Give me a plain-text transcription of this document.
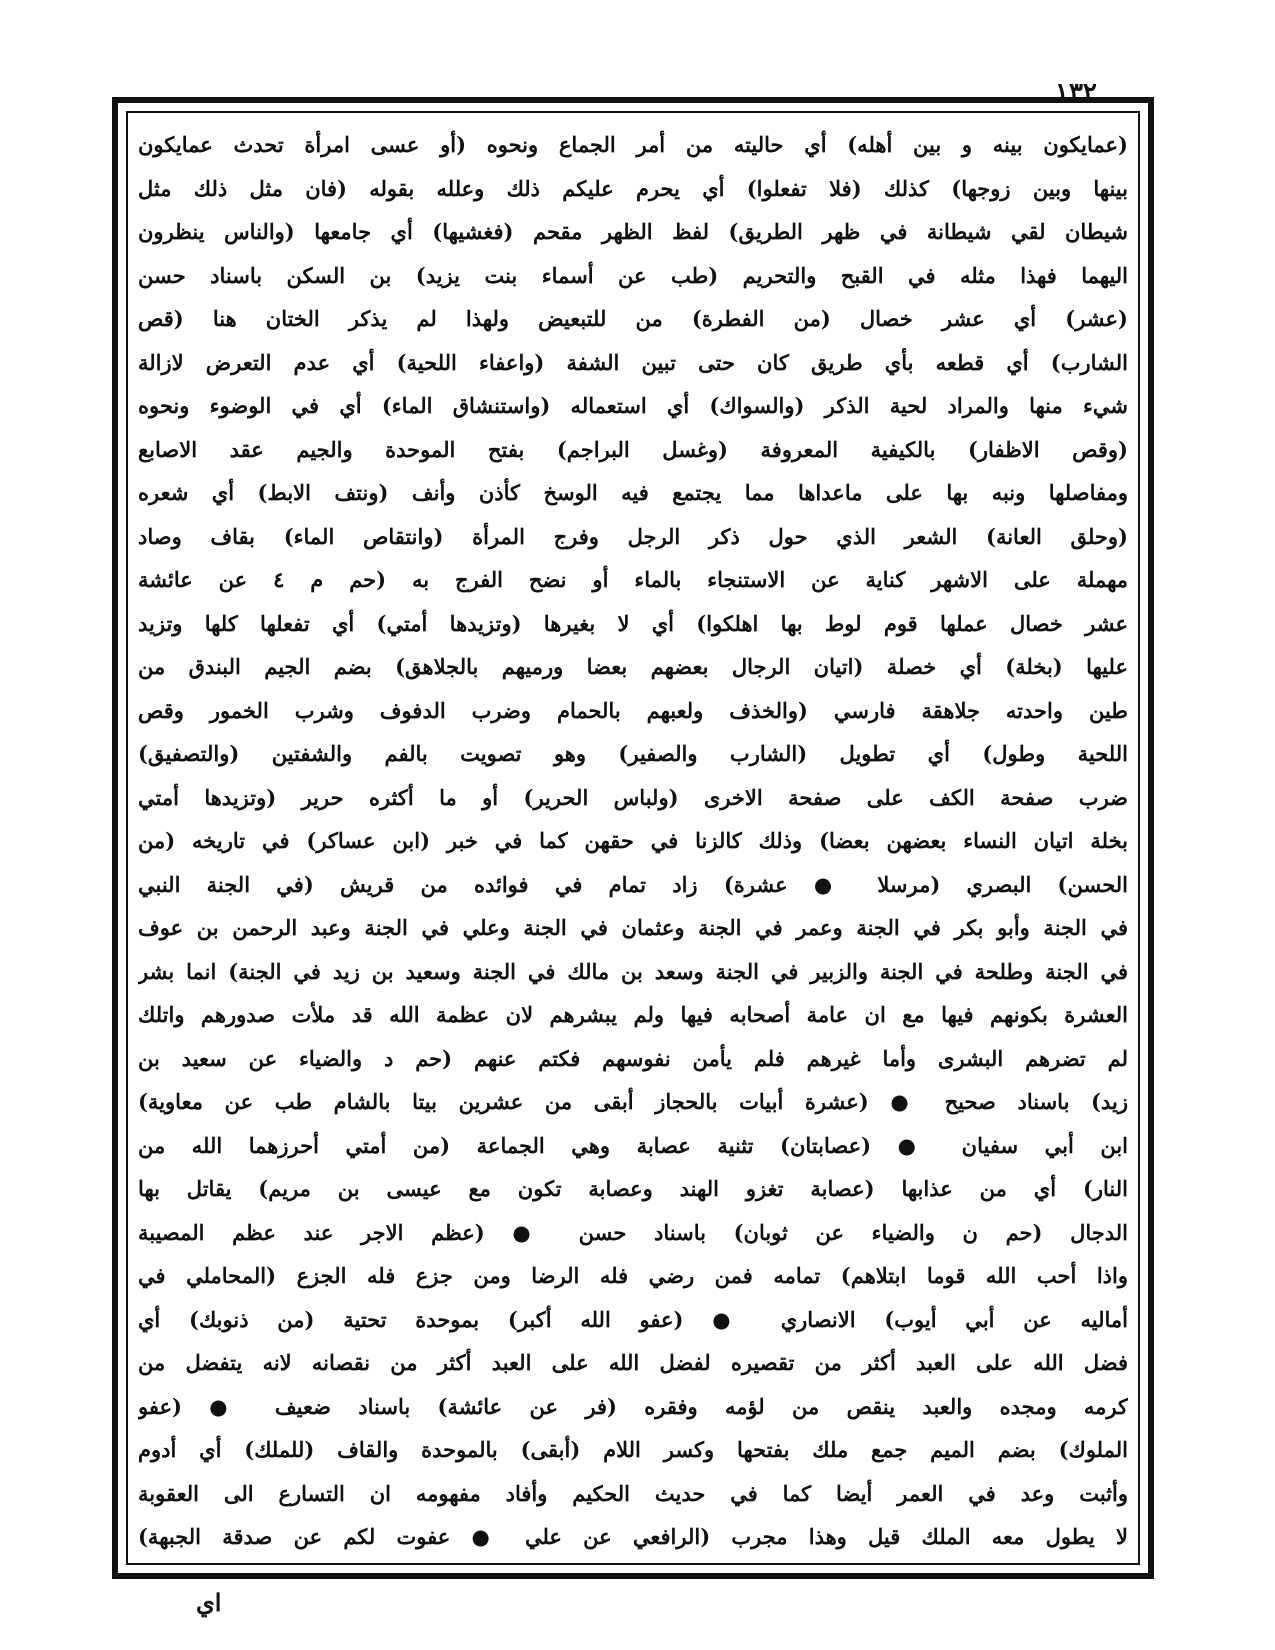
١٣٢
(عمايكون بينه و بين أهله) أي حاليته من أمر الجماع ونحوه (أو عسى امرأة تحدث عمايكون
بينها وبين زوجها) كذلك (فلا تفعلوا) أي يحرم عليكم ذلك وعلله بقوله (فان مثل ذلك مثل
شيطان لقي شيطانة في ظهر الطريق) لفظ الظهر مقحم (فغشيها) أي جامعها (والناس ينظرون
اليهما فهذا مثله في القبح والتحريم (طب عن أسماء بنت يزيد) بن السكن باسناد حسن
(عشر) أي عشر خصال (من الفطرة) من للتبعيض ولهذا لم يذكر الختان هنا (قص
الشارب) أي قطعه بأي طريق كان حتى تبين الشفة (واعفاء اللحية) أي عدم التعرض لازالة
شيء منها والمراد لحية الذكر (والسواك) أي استعماله (واستنشاق الماء) أي في الوضوء ونحوه
(وقص الاظفار) بالكيفية المعروفة (وغسل البراجم) بفتح الموحدة والجيم عقد الاصابع
ومفاصلها ونبه بها على ماعداها مما يجتمع فيه الوسخ كأذن وأنف (ونتف الابط) أي شعره
(وحلق العانة) الشعر الذي حول ذكر الرجل وفرج المرأة (وانتقاص الماء) بقاف وصاد
مهملة على الاشهر كناية عن الاستنجاء بالماء أو نضح الفرج به (حم م ٤ عن عائشة
عشر خصال عملها قوم لوط بها اهلكوا) أي لا بغيرها (وتزيدها أمتي) أي تفعلها كلها وتزيد
عليها (بخلة) أي خصلة (اتيان الرجال بعضهم بعضا ورميهم بالجلاهق) بضم الجيم البندق من
طين واحدته جلاهقة فارسي (والخذف ولعبهم بالحمام وضرب الدفوف وشرب الخمور وقص
اللحية وطول) أي تطويل (الشارب والصفير) وهو تصويت بالفم والشفتين (والتصفيق)
ضرب صفحة الكف على صفحة الاخرى (ولباس الحرير) أو ما أكثره حرير (وتزيدها أمتي
بخلة اتيان النساء بعضهن بعضا) وذلك كالزنا في حقهن كما في خبر (ابن عساكر) في تاريخه (من
الحسن) البصري (مرسلا ● عشرة) زاد تمام في فوائده من قريش (في الجنة النبي
في الجنة وأبو بكر في الجنة وعمر في الجنة وعثمان في الجنة وعلي في الجنة وعبد الرحمن بن عوف
في الجنة وطلحة في الجنة والزبير في الجنة وسعد بن مالك في الجنة وسعيد بن زيد في الجنة) انما بشر
العشرة بكونهم فيها مع ان عامة أصحابه فيها ولم يبشرهم لان عظمة الله قد ملأت صدورهم واتلك
لم تضرهم البشرى وأما غيرهم فلم يأمن نفوسهم فكتم عنهم (حم د والضياء عن سعيد بن
زيد) باسناد صحيح ● (عشرة أبيات بالحجاز أبقى من عشرين بيتا بالشام طب عن معاوية)
ابن أبي سفيان ● (عصابتان) تثنية عصابة وهي الجماعة (من أمتي أحرزهما الله من
النار) أي من عذابها (عصابة تغزو الهند وعصابة تكون مع عيسى بن مريم) يقاتل بها
الدجال (حم ن والضياء عن ثوبان) باسناد حسن ● (عظم الاجر عند عظم المصيبة
واذا أحب الله قوما ابتلاهم) تمامه فمن رضي فله الرضا ومن جزع فله الجزع (المحاملي في
أماليه عن أبي أيوب) الانصاري ● (عفو الله أكبر) بموحدة تحتية (من ذنوبك) أي
فضل الله على العبد أكثر من تقصيره لفضل الله على العبد أكثر من نقصانه لانه يتفضل من
كرمه ومجده والعبد ينقص من لؤمه وفقره (فر عن عائشة) باسناد ضعيف ● (عفو
الملوك) بضم الميم جمع ملك بفتحها وكسر اللام (أبقى) بالموحدة والقاف (للملك) أي أدوم
وأثبت وعد في العمر أيضا كما في حديث الحكيم وأفاد مفهومه ان التسارع الى العقوبة
لا يطول معه الملك قيل وهذا مجرب (الرافعي عن علي ● عفوت لكم عن صدقة الجبهة)
اي
